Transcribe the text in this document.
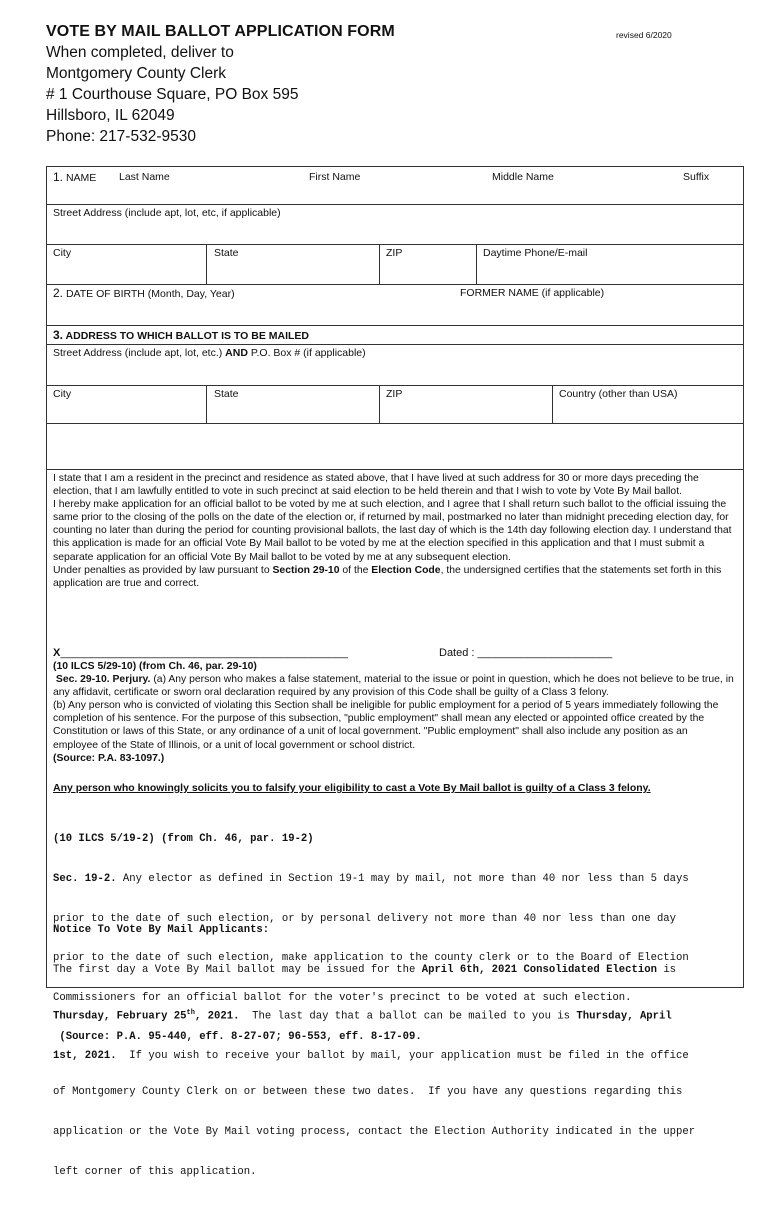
VOTE BY MAIL BALLOT APPLICATION FORM	revised 6/2020
When completed, deliver to
Montgomery County Clerk
# 1 Courthouse Square, PO Box 595
Hillsboro, IL 62049
Phone: 217-532-9530
1. NAME Last Name	First Name	Middle Name	Suffix
Street Address (include apt, lot, etc, if applicable)
City	State	ZIP	Daytime Phone/E-mail
2. DATE OF BIRTH (Month, Day, Year)	FORMER NAME (if applicable)
3. ADDRESS TO WHICH BALLOT IS TO BE MAILED
Street Address (include apt, lot, etc.) AND P.O. Box # (if applicable)
City	State	ZIP	Country (other than USA)

I state that I am a resident in the precinct and residence as stated above, that I have lived at such address for 30 or more days preceding the election, that I am lawfully entitled to vote in such precinct at said election to be held therein and that I wish to vote by Vote By Mail ballot.

I hereby make application for an official ballot to be voted by me at such election, and I agree that I shall return such ballot to the official issuing the same prior to the closing of the polls on the date of the election or, if returned by mail, postmarked no later than midnight preceding election day, for counting no later than during the period for counting provisional ballots, the last day of which is the 14th day following election day. I understand that this application is made for an official Vote By Mail ballot to be voted by me at the election specified in this application and that I must submit a separate application for an official Vote By Mail ballot to be voted by me at any subsequent election.

Under penalties as provided by law pursuant to Section 29-10 of the Election Code, the undersigned certifies that the statements set forth in this application are true and correct.

X_______________________________________________	Dated : ______________________

(10 ILCS 5/29-10) (from Ch. 46, par. 29-10)

Sec. 29-10. Perjury. (a) Any person who makes a false statement, material to the issue or point in question, which he does not believe to be true, in any affidavit, certificate or sworn oral declaration required by any provision of this Code shall be guilty of a Class 3 felony.

(b) Any person who is convicted of violating this Section shall be ineligible for public employment for a period of 5 years immediately following the completion of his sentence. For the purpose of this subsection, "public employment" shall mean any elected or appointed office created by the Constitution or laws of this State, or any ordinance of a unit of local government. "Public employment" shall also include any position as an employee of the State of Illinois, or a unit of local government or school district.

(Source: P.A. 83-1097.)

Any person who knowingly solicits you to falsify your eligibility to cast a Vote By Mail ballot is guilty of a Class 3 felony.

(10 ILCS 5/19-2) (from Ch. 46, par. 19-2)

Sec. 19-2. Any elector as defined in Section 19-1 may by mail, not more than 40 nor less than 5 days

prior to the date of such election, or by personal delivery not more than 40 nor less than one day

prior to the date of such election, make application to the county clerk or to the Board of Election

Commissioners for an official ballot for the voter's precinct to be voted at such election.

(Source: P.A. 95-440, eff. 8-27-07; 96-553, eff. 8-17-09.

Notice To Vote By Mail Applicants:

The first day a Vote By Mail ballot may be issued for the April 6th, 2021 Consolidated Election is

Thursday, February 25th, 2021.  The last day that a ballot can be mailed to you is Thursday, April

1st, 2021.  If you wish to receive your ballot by mail, your application must be filed in the office

of Montgomery County Clerk on or between these two dates.  If you have any questions regarding this

application or the Vote By Mail voting process, contact the Election Authority indicated in the upper

left corner of this application.
